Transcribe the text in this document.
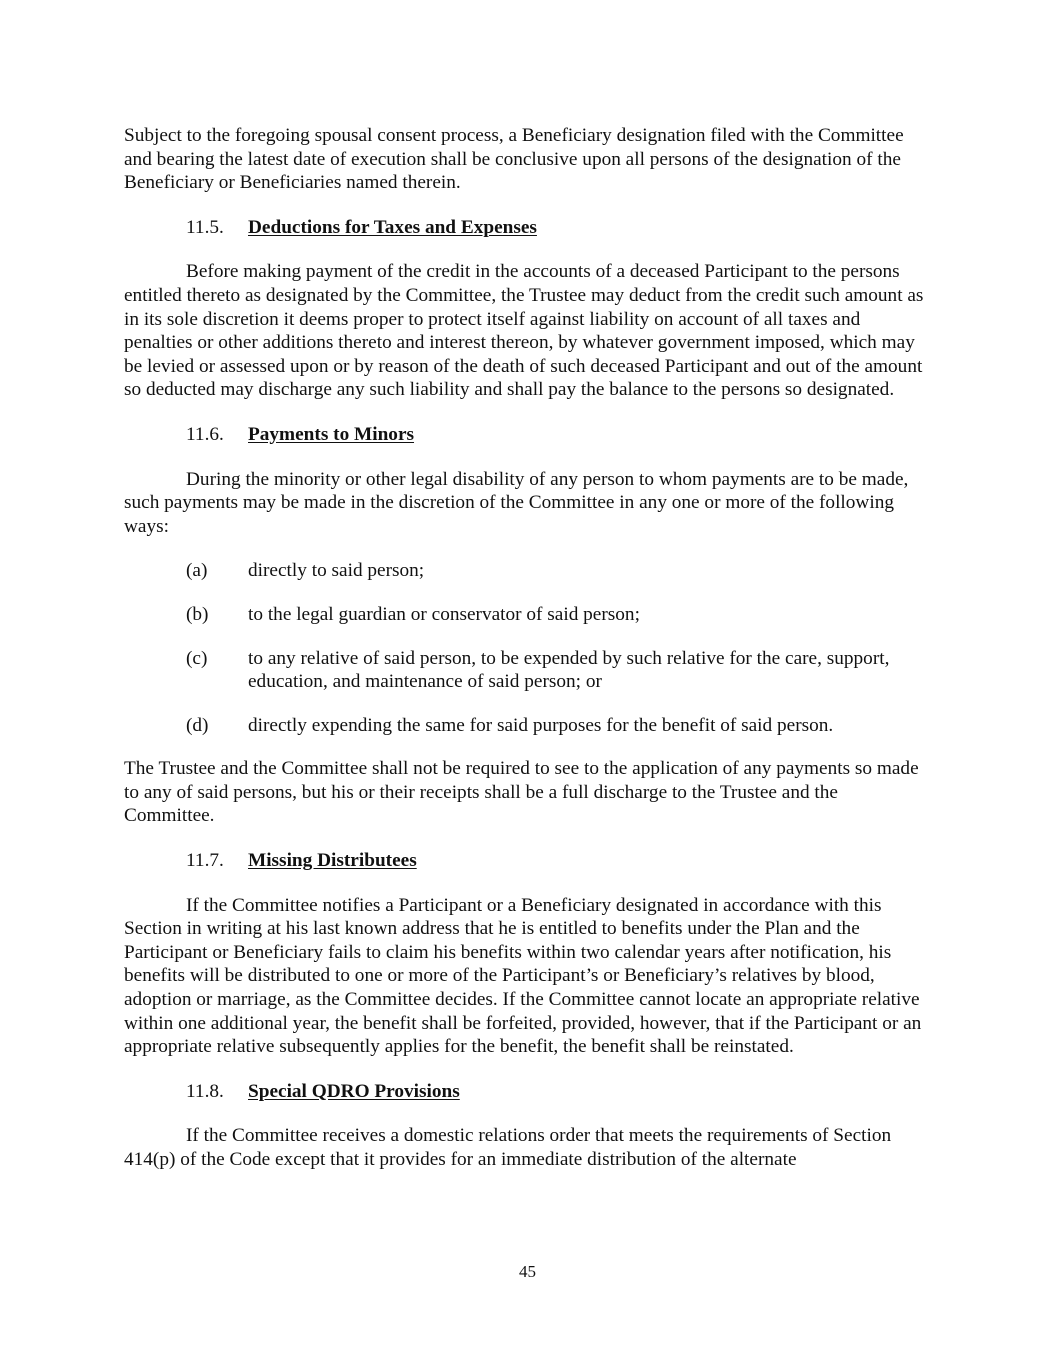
Subject to the foregoing spousal consent process, a Beneficiary designation filed with the Committee and bearing the latest date of execution shall be conclusive upon all persons of the designation of the Beneficiary or Beneficiaries named therein.

11.5.	Deductions for Taxes and Expenses

Before making payment of the credit in the accounts of a deceased Participant to the persons entitled thereto as designated by the Committee, the Trustee may deduct from the credit such amount as in its sole discretion it deems proper to protect itself against liability on account of all taxes and penalties or other additions thereto and interest thereon, by whatever government imposed, which may be levied or assessed upon or by reason of the death of such deceased Participant and out of the amount so deducted may discharge any such liability and shall pay the balance to the persons so designated.

11.6.	Payments to Minors

During the minority or other legal disability of any person to whom payments are to be made, such payments may be made in the discretion of the Committee in any one or more of the following ways:

(a)	directly to said person;
(b)	to the legal guardian or conservator of said person;
(c)	to any relative of said person, to be expended by such relative for the care, support, education, and maintenance of said person; or
(d)	directly expending the same for said purposes for the benefit of said person.

The Trustee and the Committee shall not be required to see to the application of any payments so made to any of said persons, but his or their receipts shall be a full discharge to the Trustee and the Committee.

11.7.	Missing Distributees

If the Committee notifies a Participant or a Beneficiary designated in accordance with this Section in writing at his last known address that he is entitled to benefits under the Plan and the Participant or Beneficiary fails to claim his benefits within two calendar years after notification, his benefits will be distributed to one or more of the Participant’s or Beneficiary’s relatives by blood, adoption or marriage, as the Committee decides. If the Committee cannot locate an appropriate relative within one additional year, the benefit shall be forfeited, provided, however, that if the Participant or an appropriate relative subsequently applies for the benefit, the benefit shall be reinstated.

11.8.	Special QDRO Provisions

If the Committee receives a domestic relations order that meets the requirements of Section 414(p) of the Code except that it provides for an immediate distribution of the alternate

45
